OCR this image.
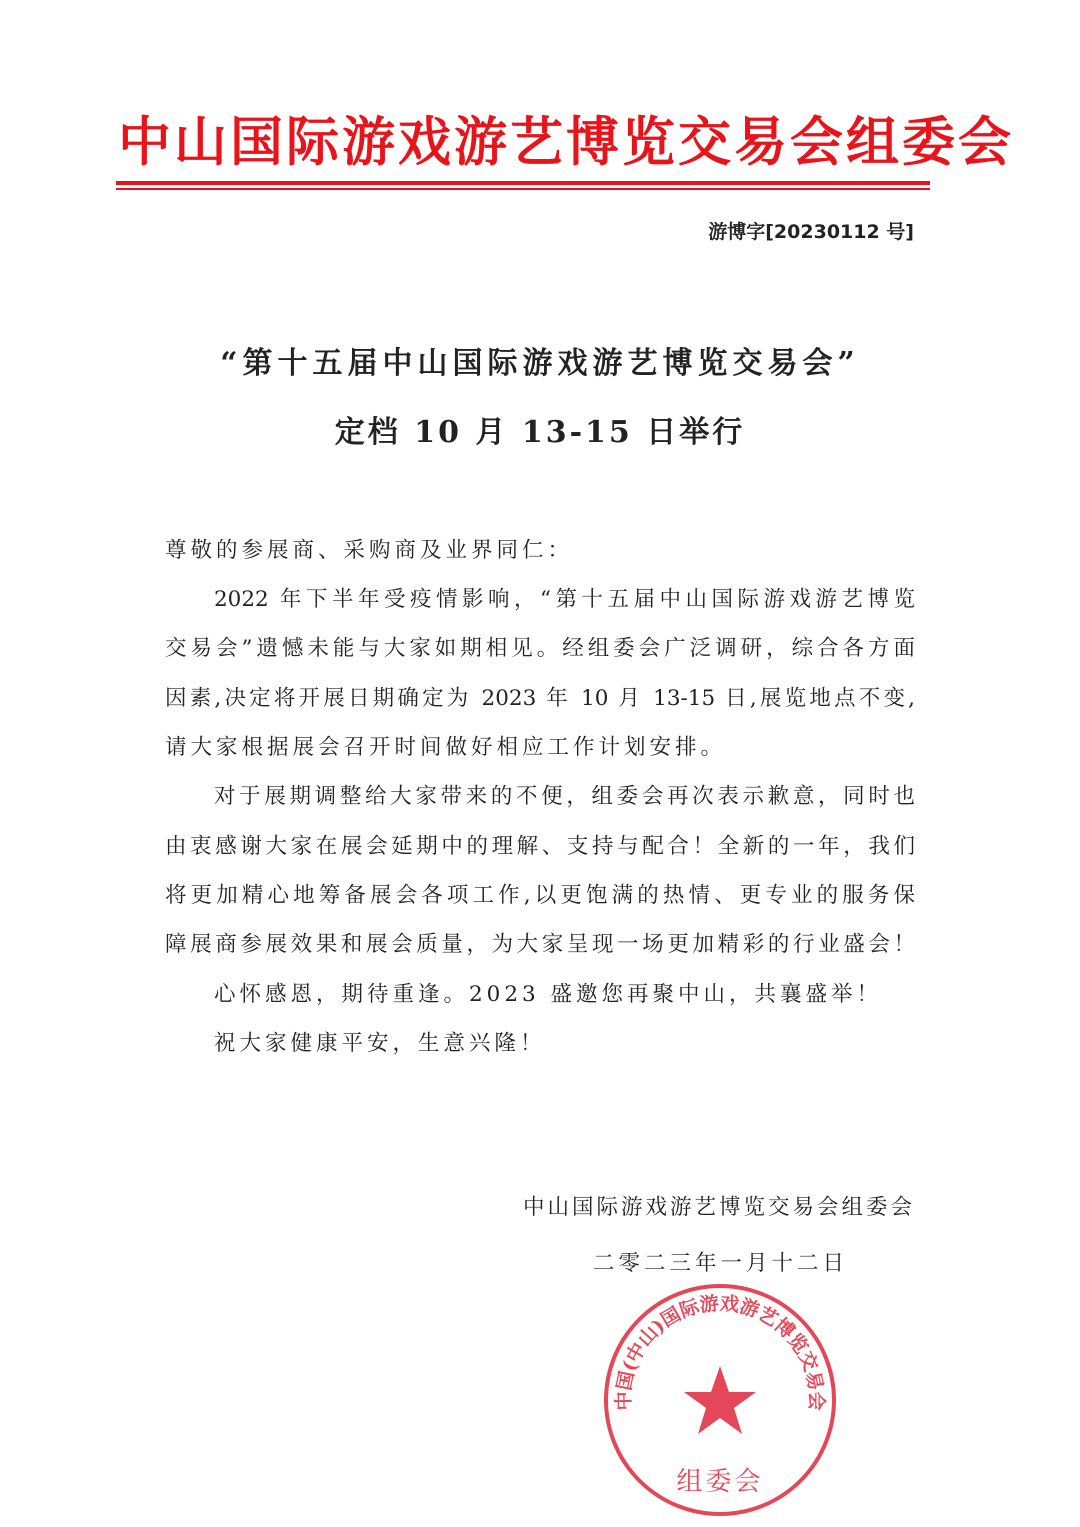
中山国际游戏游艺博览交易会组委会
游博字[20230112 号]
“第十五届中山国际游戏游艺博览交易会”
定档 10 月 13-15 日举行
尊敬的参展商、采购商及业界同仁：
2022 年下半年受疫情影响，“第十五届中山国际游戏游艺博览
交易会”遗憾未能与大家如期相见。经组委会广泛调研，综合各方面
因素,决定将开展日期确定为 2023 年 10 月 13-15 日,展览地点不变,
请大家根据展会召开时间做好相应工作计划安排。
对于展期调整给大家带来的不便，组委会再次表示歉意，同时也
由衷感谢大家在展会延期中的理解、支持与配合！全新的一年，我们
将更加精心地筹备展会各项工作,以更饱满的热情、更专业的服务保
障展商参展效果和展会质量，为大家呈现一场更加精彩的行业盛会！
心怀感恩，期待重逢。2023 盛邀您再聚中山，共襄盛举！
祝大家健康平安，生意兴隆！
中山国际游戏游艺博览交易会组委会
二零二三年一月十二日
中国(中山)国际游戏游艺博览交易会
组委会
